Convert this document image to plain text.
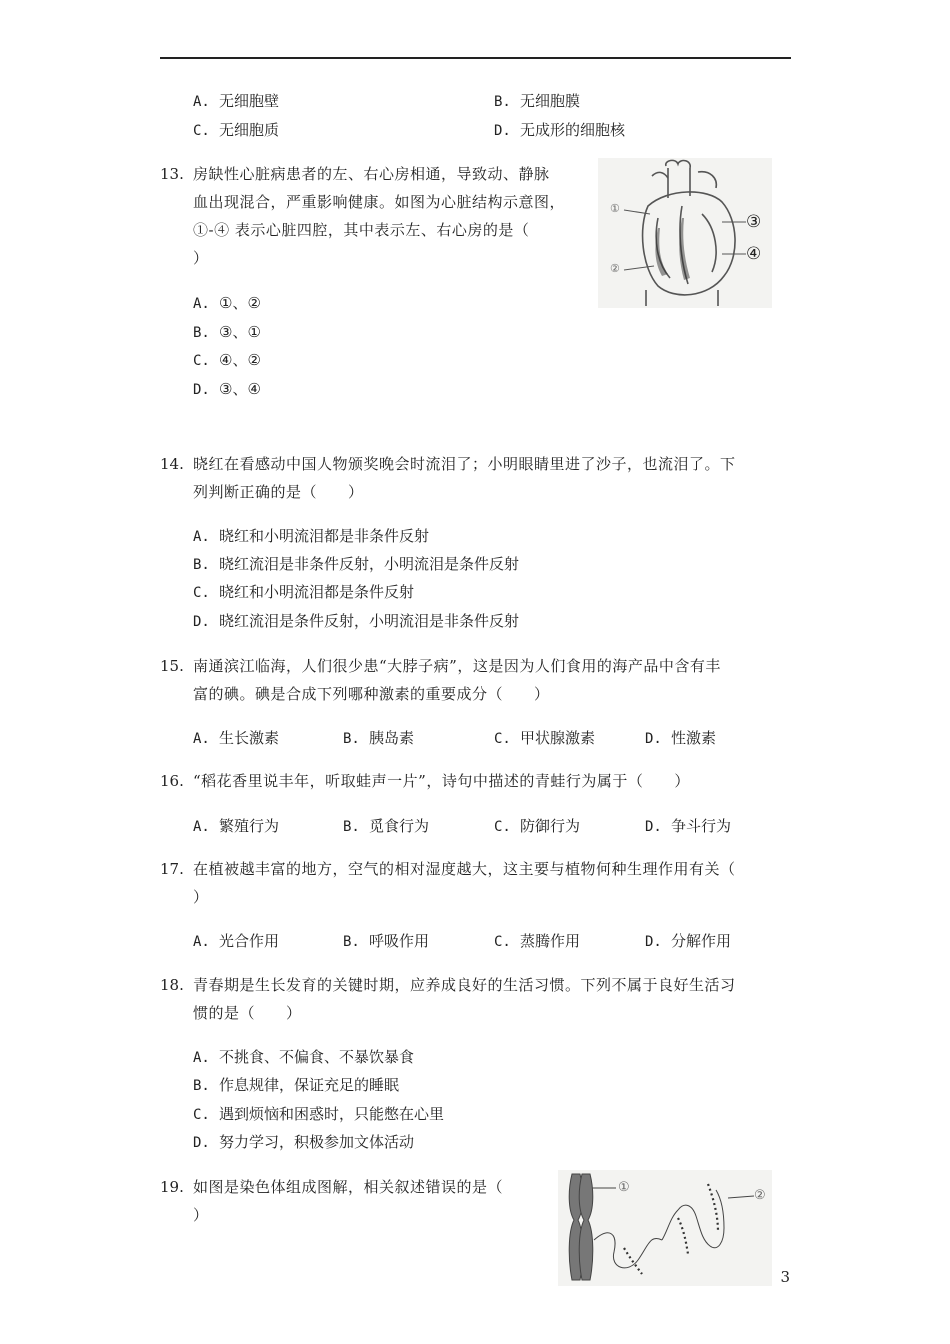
A. 无细胞壁	B. 无细胞膜
C. 无细胞质	D. 无成形的细胞核
13. 房缺性心脏病患者的左、右心房相通，导致动、静脉
血出现混合，严重影响健康。如图为心脏结构示意图，
①-④ 表示心脏四腔，其中表示左、右心房的是（
）
①
②
③
④
A. ①、②
B. ③、①
C. ④、②
D. ③、④
14. 晓红在看感动中国人物颁奖晚会时流泪了；小明眼睛里进了沙子，也流泪了。下
列判断正确的是（　　）
A. 晓红和小明流泪都是非条件反射
B. 晓红流泪是非条件反射，小明流泪是条件反射
C. 晓红和小明流泪都是条件反射
D. 晓红流泪是条件反射，小明流泪是非条件反射
15. 南通滨江临海，人们很少患“大脖子病”，这是因为人们食用的海产品中含有丰
富的碘。碘是合成下列哪种激素的重要成分（　　）
A. 生长激素	B. 胰岛素	C. 甲状腺激素	D. 性激素
16. “稻花香里说丰年，听取蛙声一片”，诗句中描述的青蛙行为属于（　　）
A. 繁殖行为	B. 觅食行为	C. 防御行为	D. 争斗行为
17. 在植被越丰富的地方，空气的相对湿度越大，这主要与植物何种生理作用有关（
）
A. 光合作用	B. 呼吸作用	C. 蒸腾作用	D. 分解作用
18. 青春期是生长发育的关键时期，应养成良好的生活习惯。下列不属于良好生活习
惯的是（　　）
A. 不挑食、不偏食、不暴饮暴食
B. 作息规律，保证充足的睡眠
C. 遇到烦恼和困惑时，只能憋在心里
D. 努力学习，积极参加文体活动
19. 如图是染色体组成图解，相关叙述错误的是（
）
①
②
3
